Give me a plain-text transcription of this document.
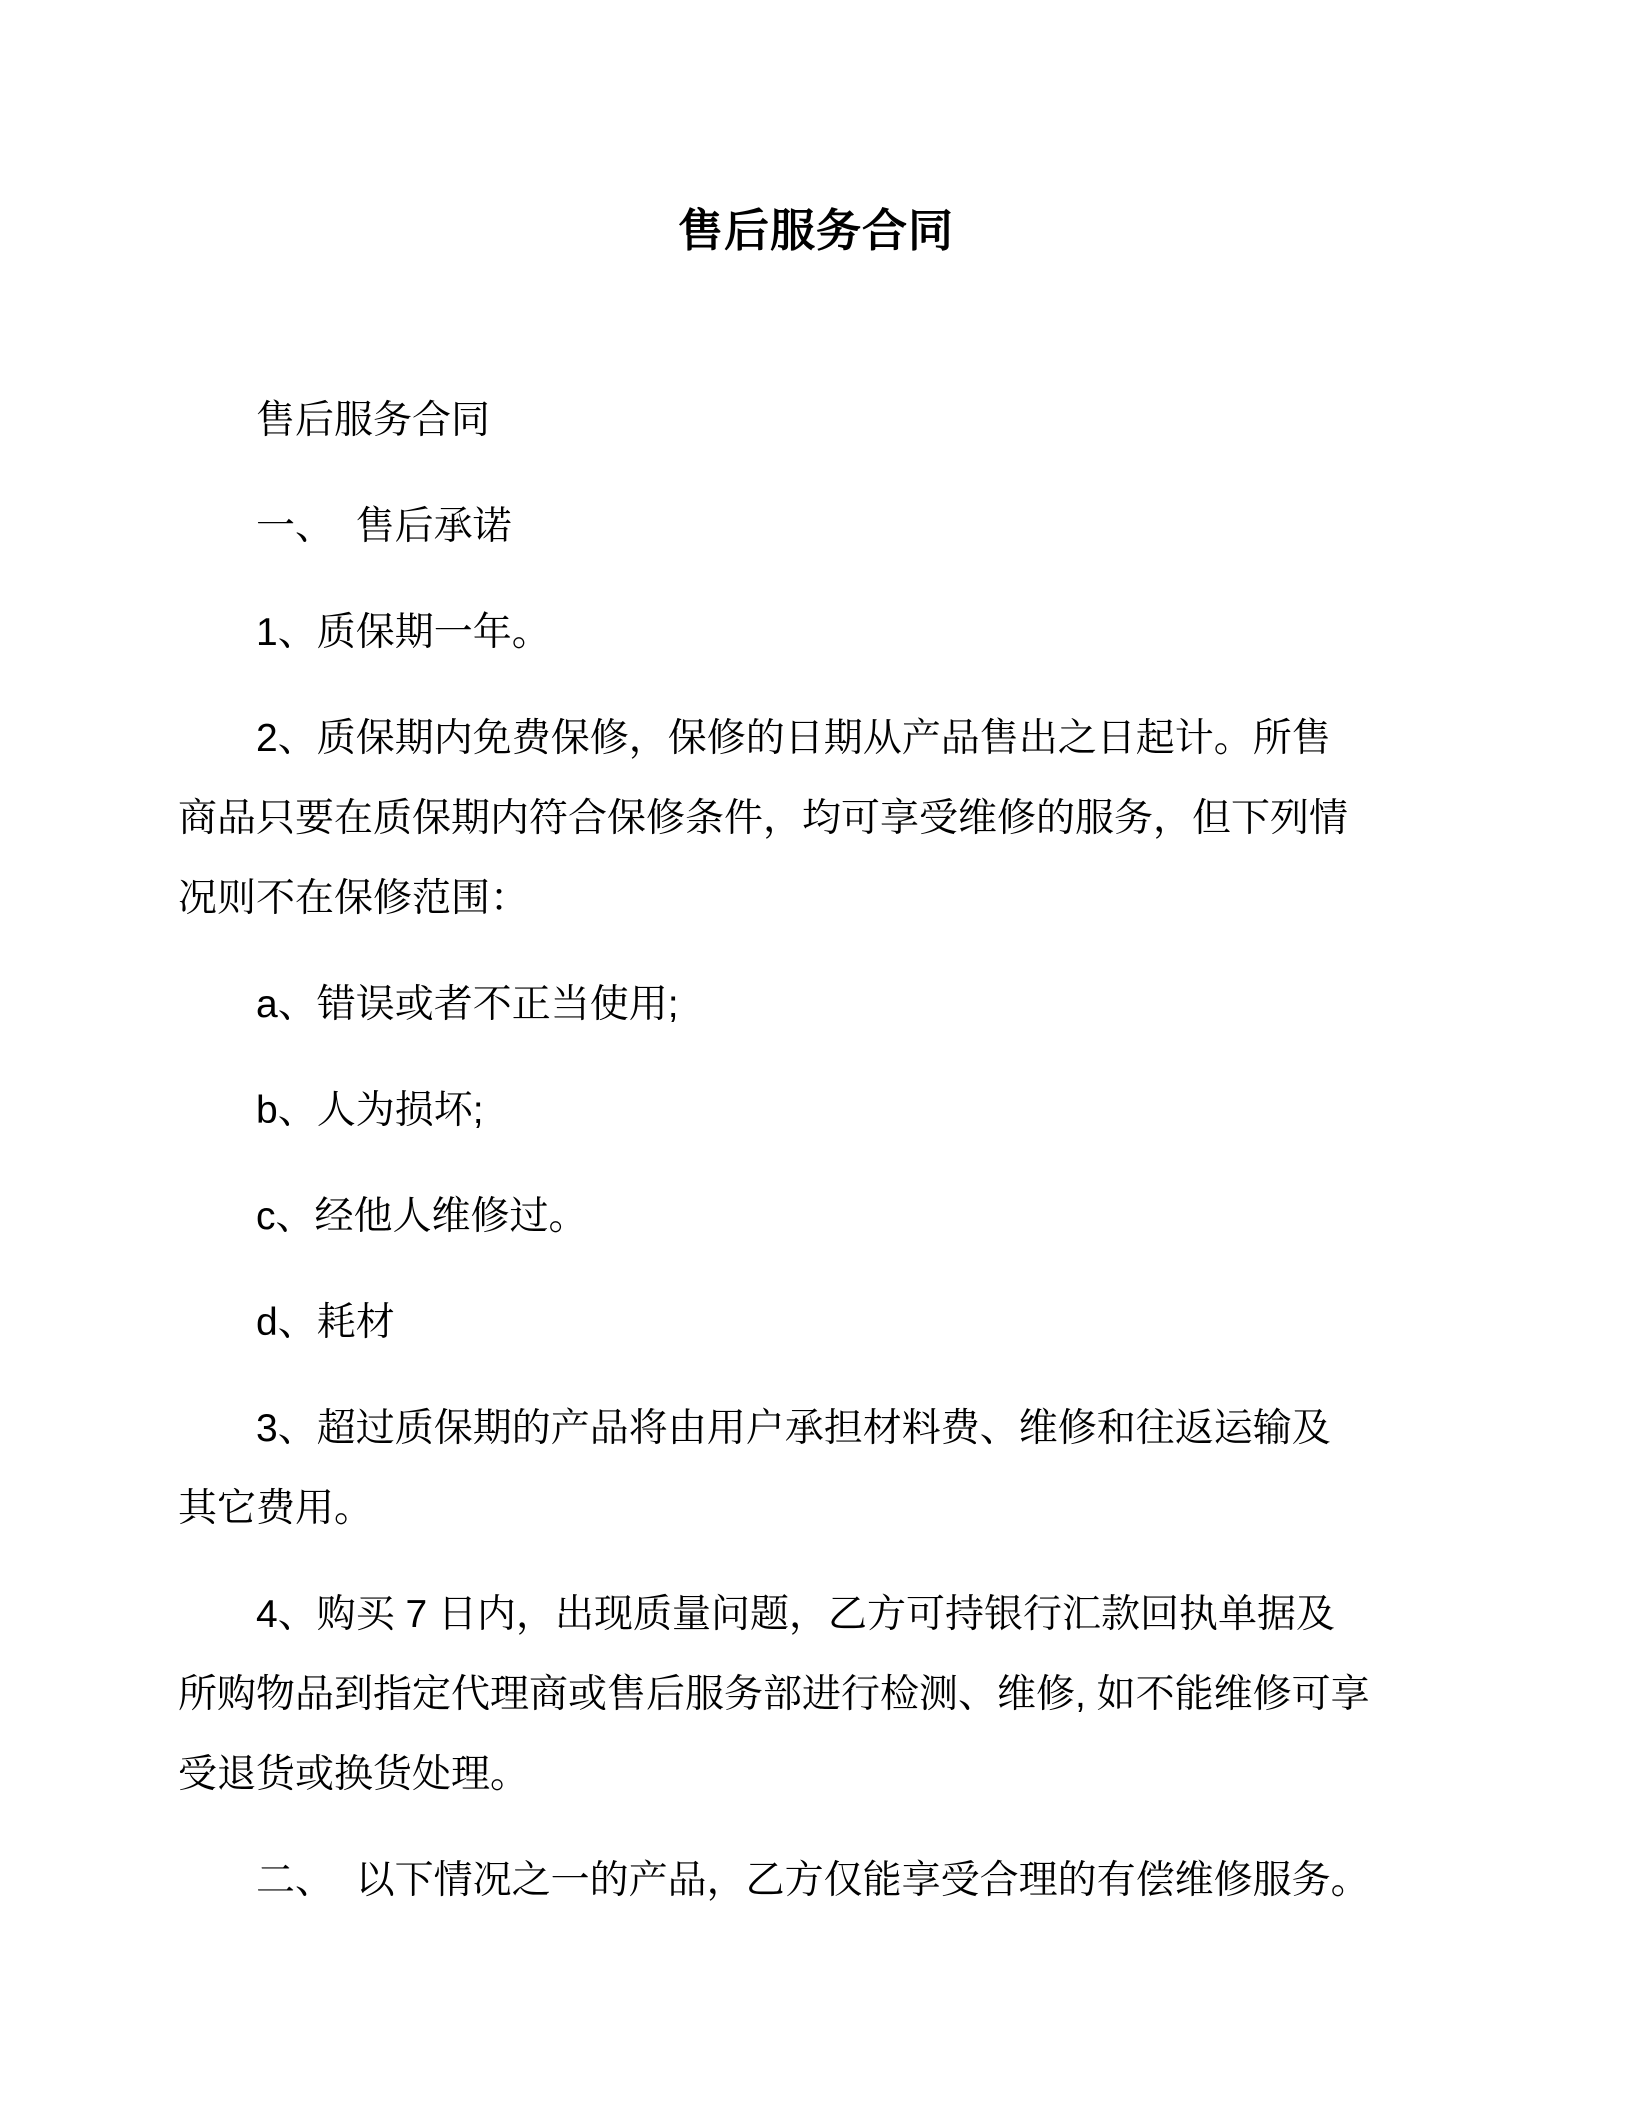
售后服务合同

售后服务合同

一、  售后承诺

1、质保期一年。

2、质保期内免费保修，保修的日期从产品售出之日起计。所售
商品只要在质保期内符合保修条件，均可享受维修的服务，但下列情
况则不在保修范围：

a、错误或者不正当使用;

b、人为损坏;

c、经他人维修过。

d、耗材

3、超过质保期的产品将由用户承担材料费、维修和往返运输及
其它费用。

4、购买 7 日内，出现质量问题，乙方可持银行汇款回执单据及
所购物品到指定代理商或售后服务部进行检测、维修, 如不能维修可享
受退货或换货处理。

二、  以下情况之一的产品，乙方仅能享受合理的有偿维修服务。
